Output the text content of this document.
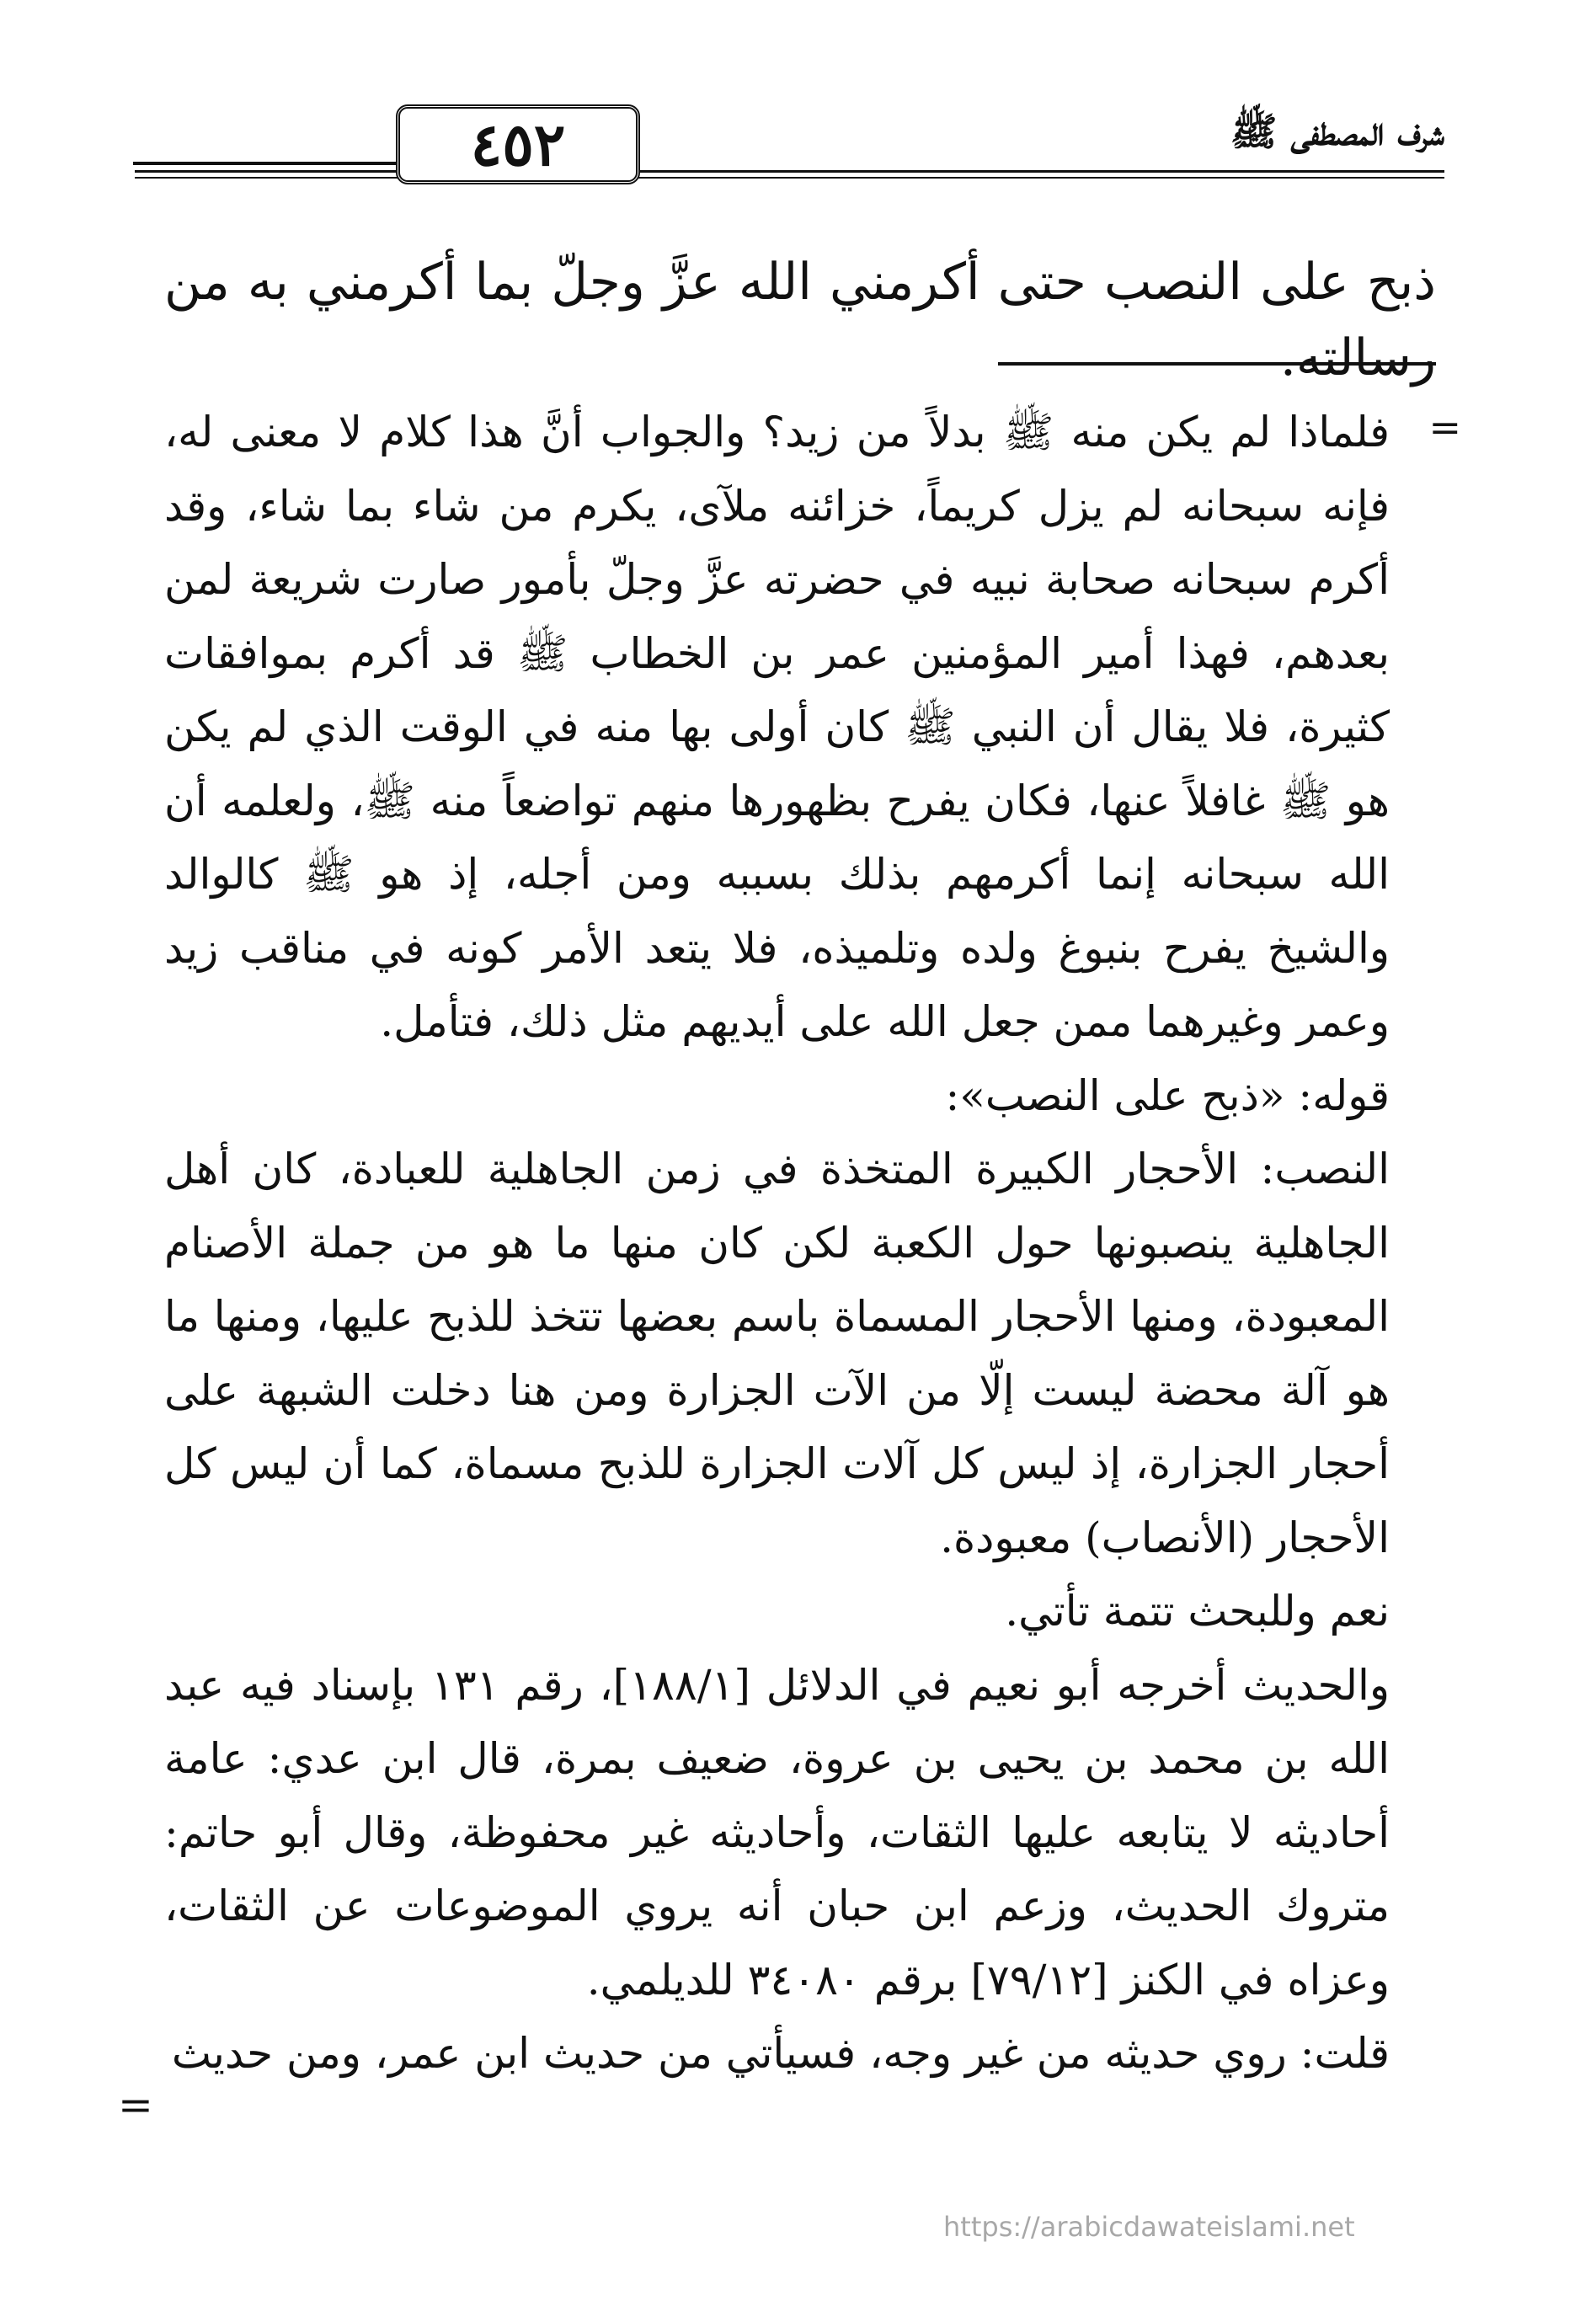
شرف المصطفى ﷺ
٤٥٢

ذبح على النصب حتى أكرمني الله عزَّ وجلّ بما أكرمني به من رسالته.

=

فلماذا لم يكن منه ﷺ بدلاً من زيد؟ والجواب أنَّ هذا كلام لا معنى له، فإنه سبحانه لم يزل كريماً، خزائنه ملآى، يكرم من شاء بما شاء، وقد أكرم سبحانه صحابة نبيه في حضرته عزَّ وجلّ بأمور صارت شريعة لمن بعدهم، فهذا أمير المؤمنين عمر بن الخطاب ﷺ قد أكرم بموافقات كثيرة، فلا يقال أن النبي ﷺ كان أولى بها منه في الوقت الذي لم يكن هو ﷺ غافلاً عنها، فكان يفرح بظهورها منهم تواضعاً منه ﷺ، ولعلمه أن الله سبحانه إنما أكرمهم بذلك بسببه ومن أجله، إذ هو ﷺ كالوالد والشيخ يفرح بنبوغ ولده وتلميذه، فلا يتعد الأمر كونه في مناقب زيد وعمر وغيرهما ممن جعل الله على أيديهم مثل ذلك، فتأمل.

قوله: «ذبح على النصب»:

النصب: الأحجار الكبيرة المتخذة في زمن الجاهلية للعبادة، كان أهل الجاهلية ينصبونها حول الكعبة لكن كان منها ما هو من جملة الأصنام المعبودة، ومنها الأحجار المسماة باسم بعضها تتخذ للذبح عليها، ومنها ما هو آلة محضة ليست إلّا من الآت الجزارة ومن هنا دخلت الشبهة على أحجار الجزارة، إذ ليس كل آلات الجزارة للذبح مسماة، كما أن ليس كل الأحجار (الأنصاب) معبودة.

نعم وللبحث تتمة تأتي.

والحديث أخرجه أبو نعيم في الدلائل [١٨٨/١]، رقم ١٣١ بإسناد فيه عبد الله بن محمد بن يحيى بن عروة، ضعيف بمرة، قال ابن عدي: عامة أحاديثه لا يتابعه عليها الثقات، وأحاديثه غير محفوظة، وقال أبو حاتم: متروك الحديث، وزعم ابن حبان أنه يروي الموضوعات عن الثقات، وعزاه في الكنز [٧٩/١٢] برقم ٣٤٠٨٠ للديلمي.

قلت: روي حديثه من غير وجه، فسيأتي من حديث ابن عمر، ومن حديث

=
https://arabicdawateislami.net
